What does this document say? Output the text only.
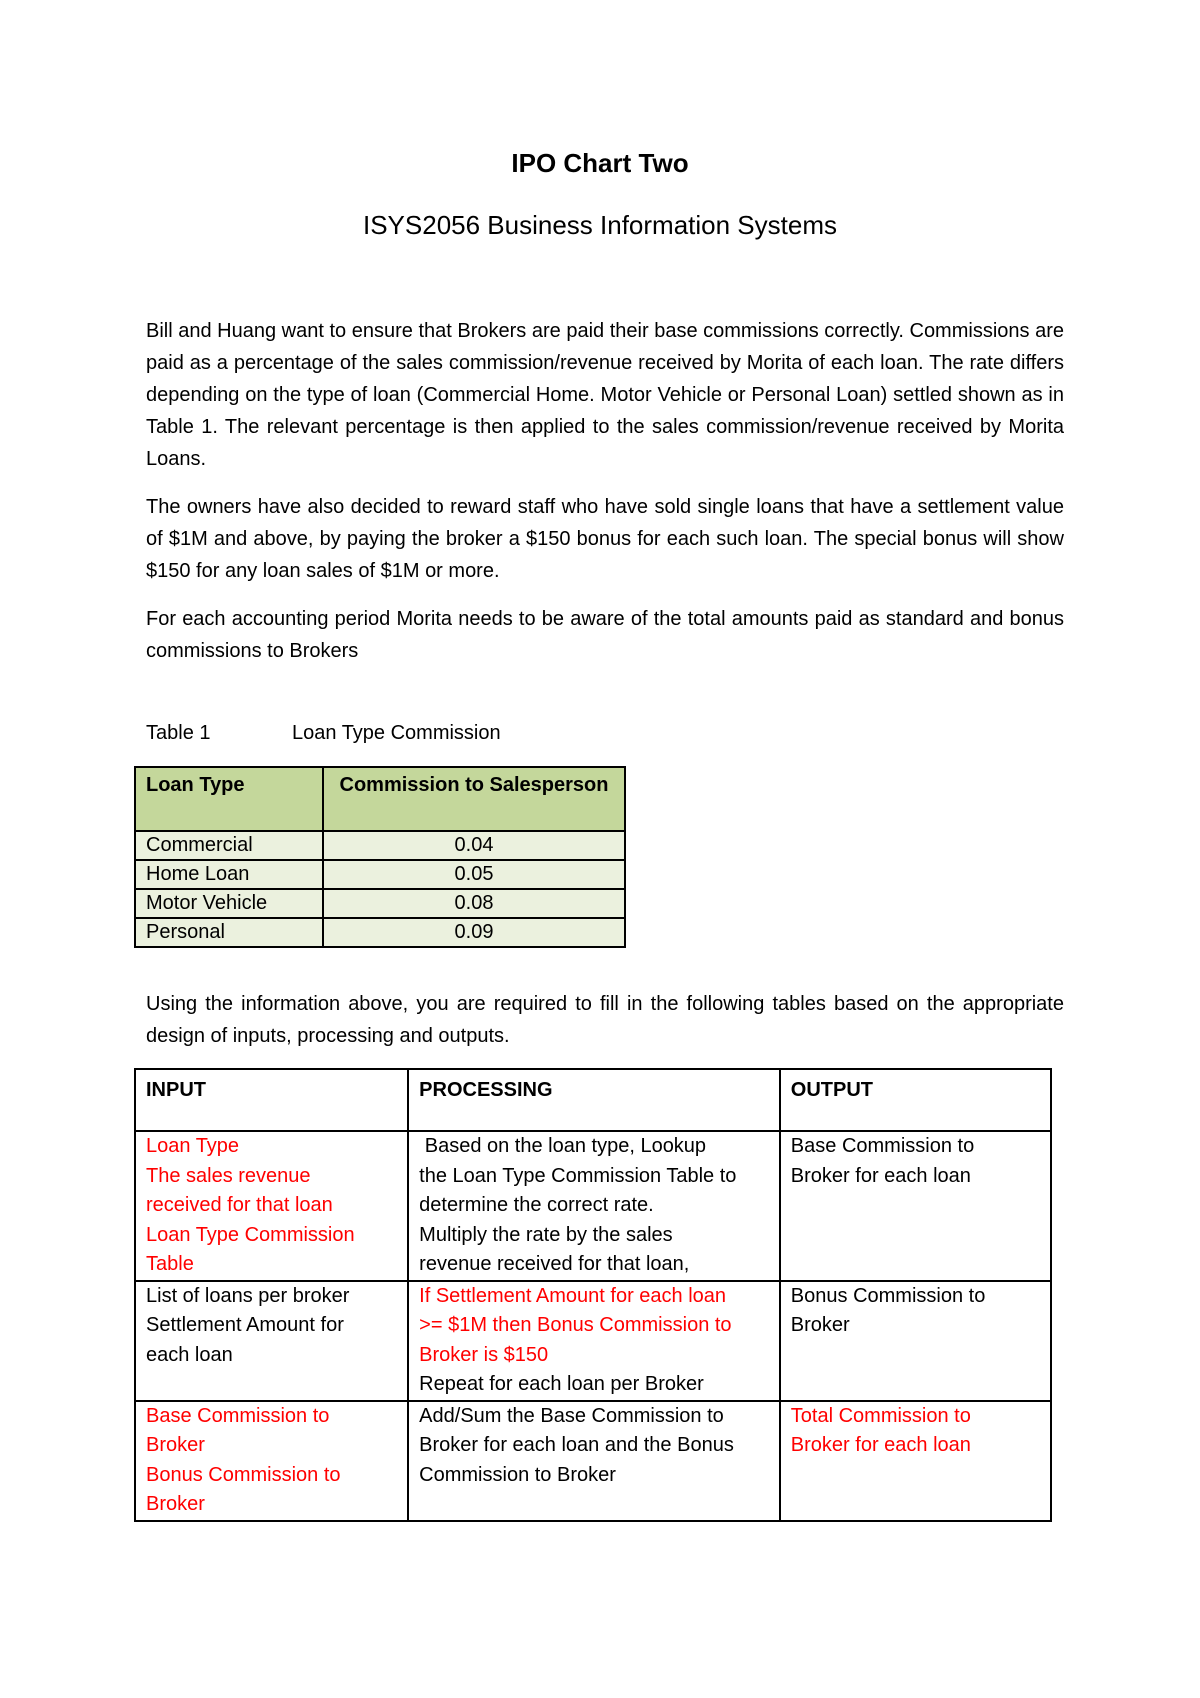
IPO Chart Two
ISYS2056 Business Information Systems

Bill and Huang want to ensure that Brokers are paid their base commissions correctly. Commissions are paid as a percentage of the sales commission/revenue received by Morita of each loan. The rate differs depending on the type of loan (Commercial Home. Motor Vehicle or Personal Loan) settled shown as in Table 1. The relevant percentage is then applied to the sales commission/revenue received by Morita Loans.

The owners have also decided to reward staff who have sold single loans that have a settlement value of $1M and above, by paying the broker a $150 bonus for each such loan. The special bonus will show $150 for any loan sales of $1M or more.

For each accounting period Morita needs to be aware of the total amounts paid as standard and bonus commissions to Brokers

Table 1	Loan Type Commission
Loan Type	Commission to Salesperson
Commercial	0.04
Home Loan	0.05
Motor Vehicle	0.08
Personal	0.09

Using the information above, you are required to fill in the following tables based on the appropriate design of inputs, processing and outputs.

INPUT	PROCESSING	OUTPUT

Loan Type
The sales revenue
received for that loan
Loan Type Commission
Table	Based on the loan type, Lookup
the Loan Type Commission Table to
determine the correct rate.
Multiply the rate by the sales
revenue received for that loan,	Base Commission to
Broker for each loan

List of loans per broker
Settlement Amount for
each loan	If Settlement Amount for each loan
>= $1M then Bonus Commission to
Broker is $150
Repeat for each loan per Broker	Bonus Commission to
Broker

Base Commission to
Broker
Bonus Commission to
Broker	Add/Sum the Base Commission to
Broker for each loan and the Bonus
Commission to Broker	Total Commission to
Broker for each loan
